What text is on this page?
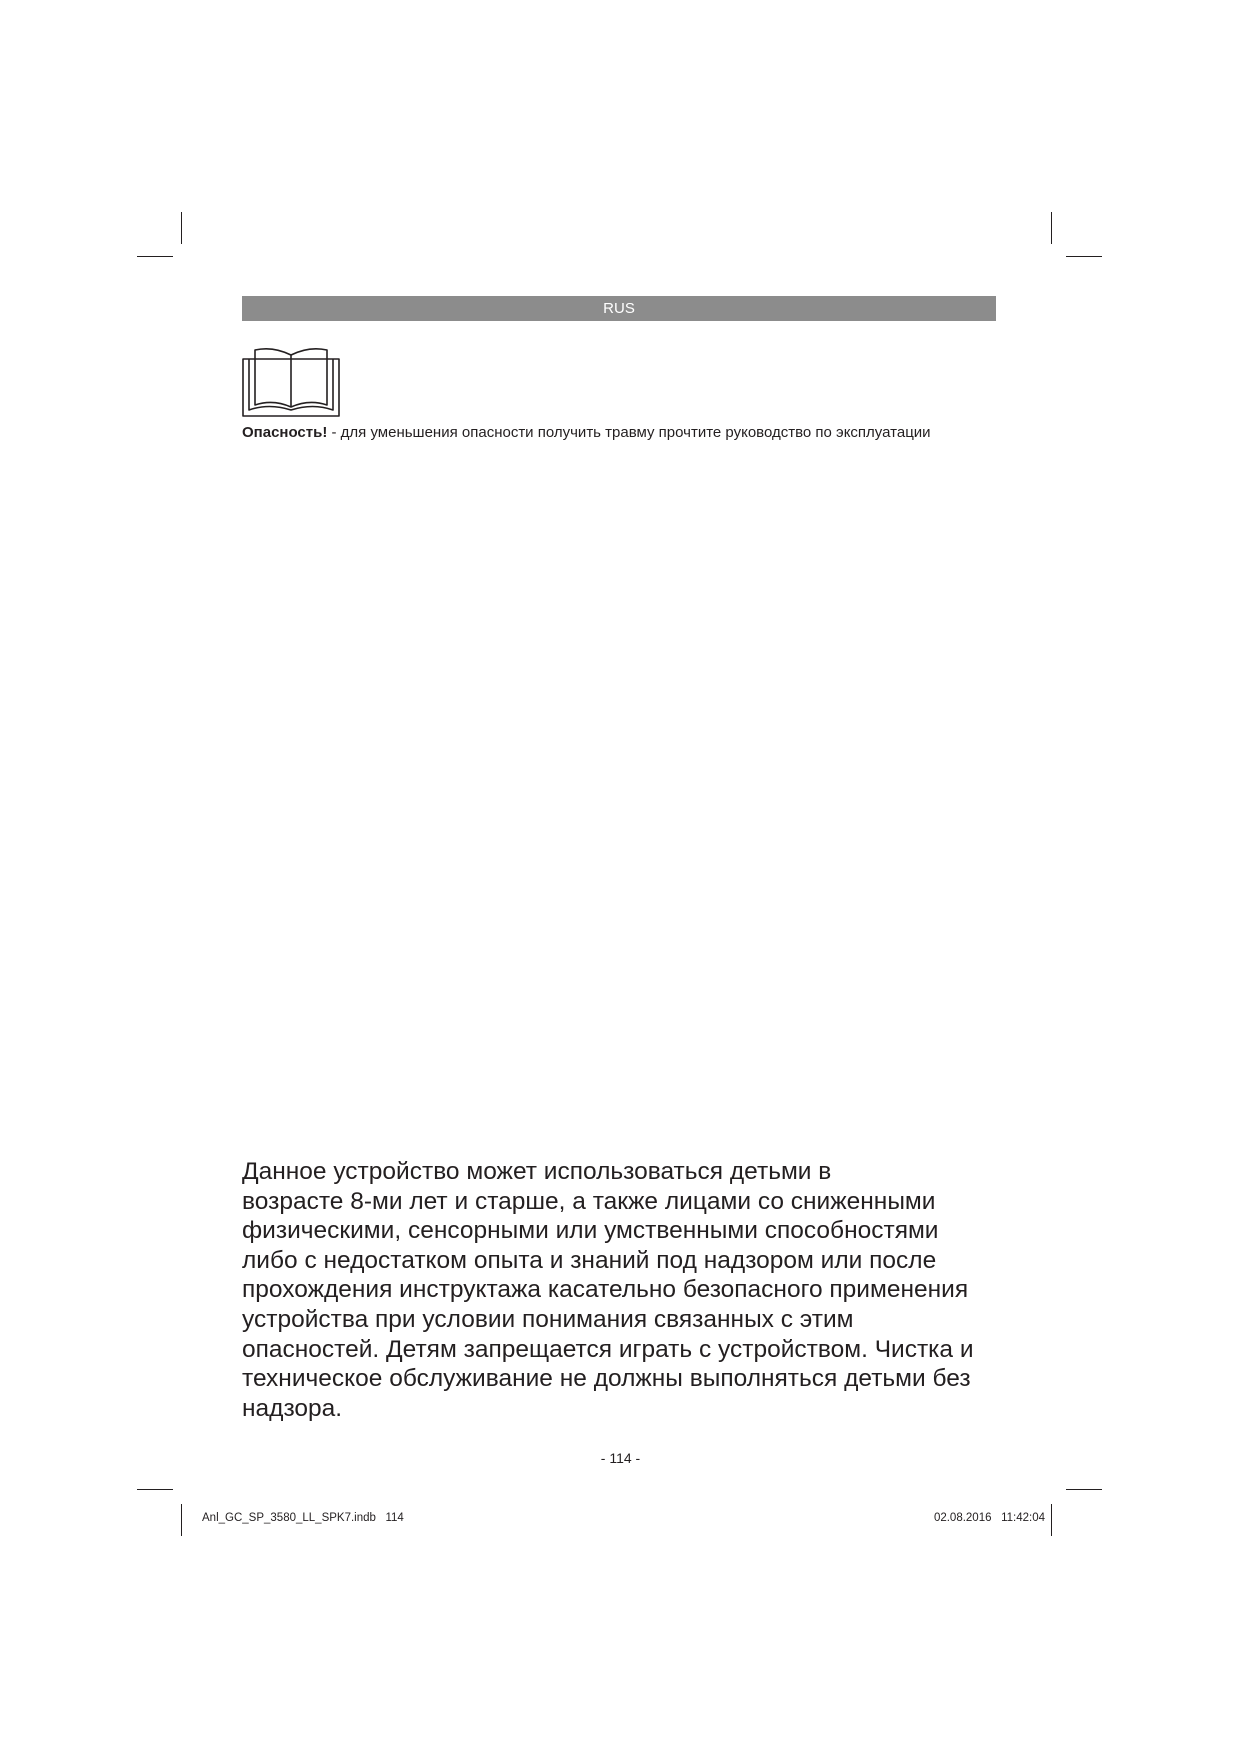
RUS
Опасность! - для уменьшения опасности получить травму прочтите руководство по эксплуатации
Данное устройство может использоваться детьми в
возрасте 8-ми лет и старше, а также лицами со сниженными
физическими, сенсорными или умственными способностями
либо с недостатком опыта и знаний под надзором или после
прохождения инструктажа касательно безопасного применения
устройства при условии понимания связанных с этим
опасностей. Детям запрещается играть с устройством. Чистка и
техническое обслуживание не должны выполняться детьми без
надзора.
- 114 -
Anl_GC_SP_3580_LL_SPK7.indb   114	02.08.2016   11:42:04
